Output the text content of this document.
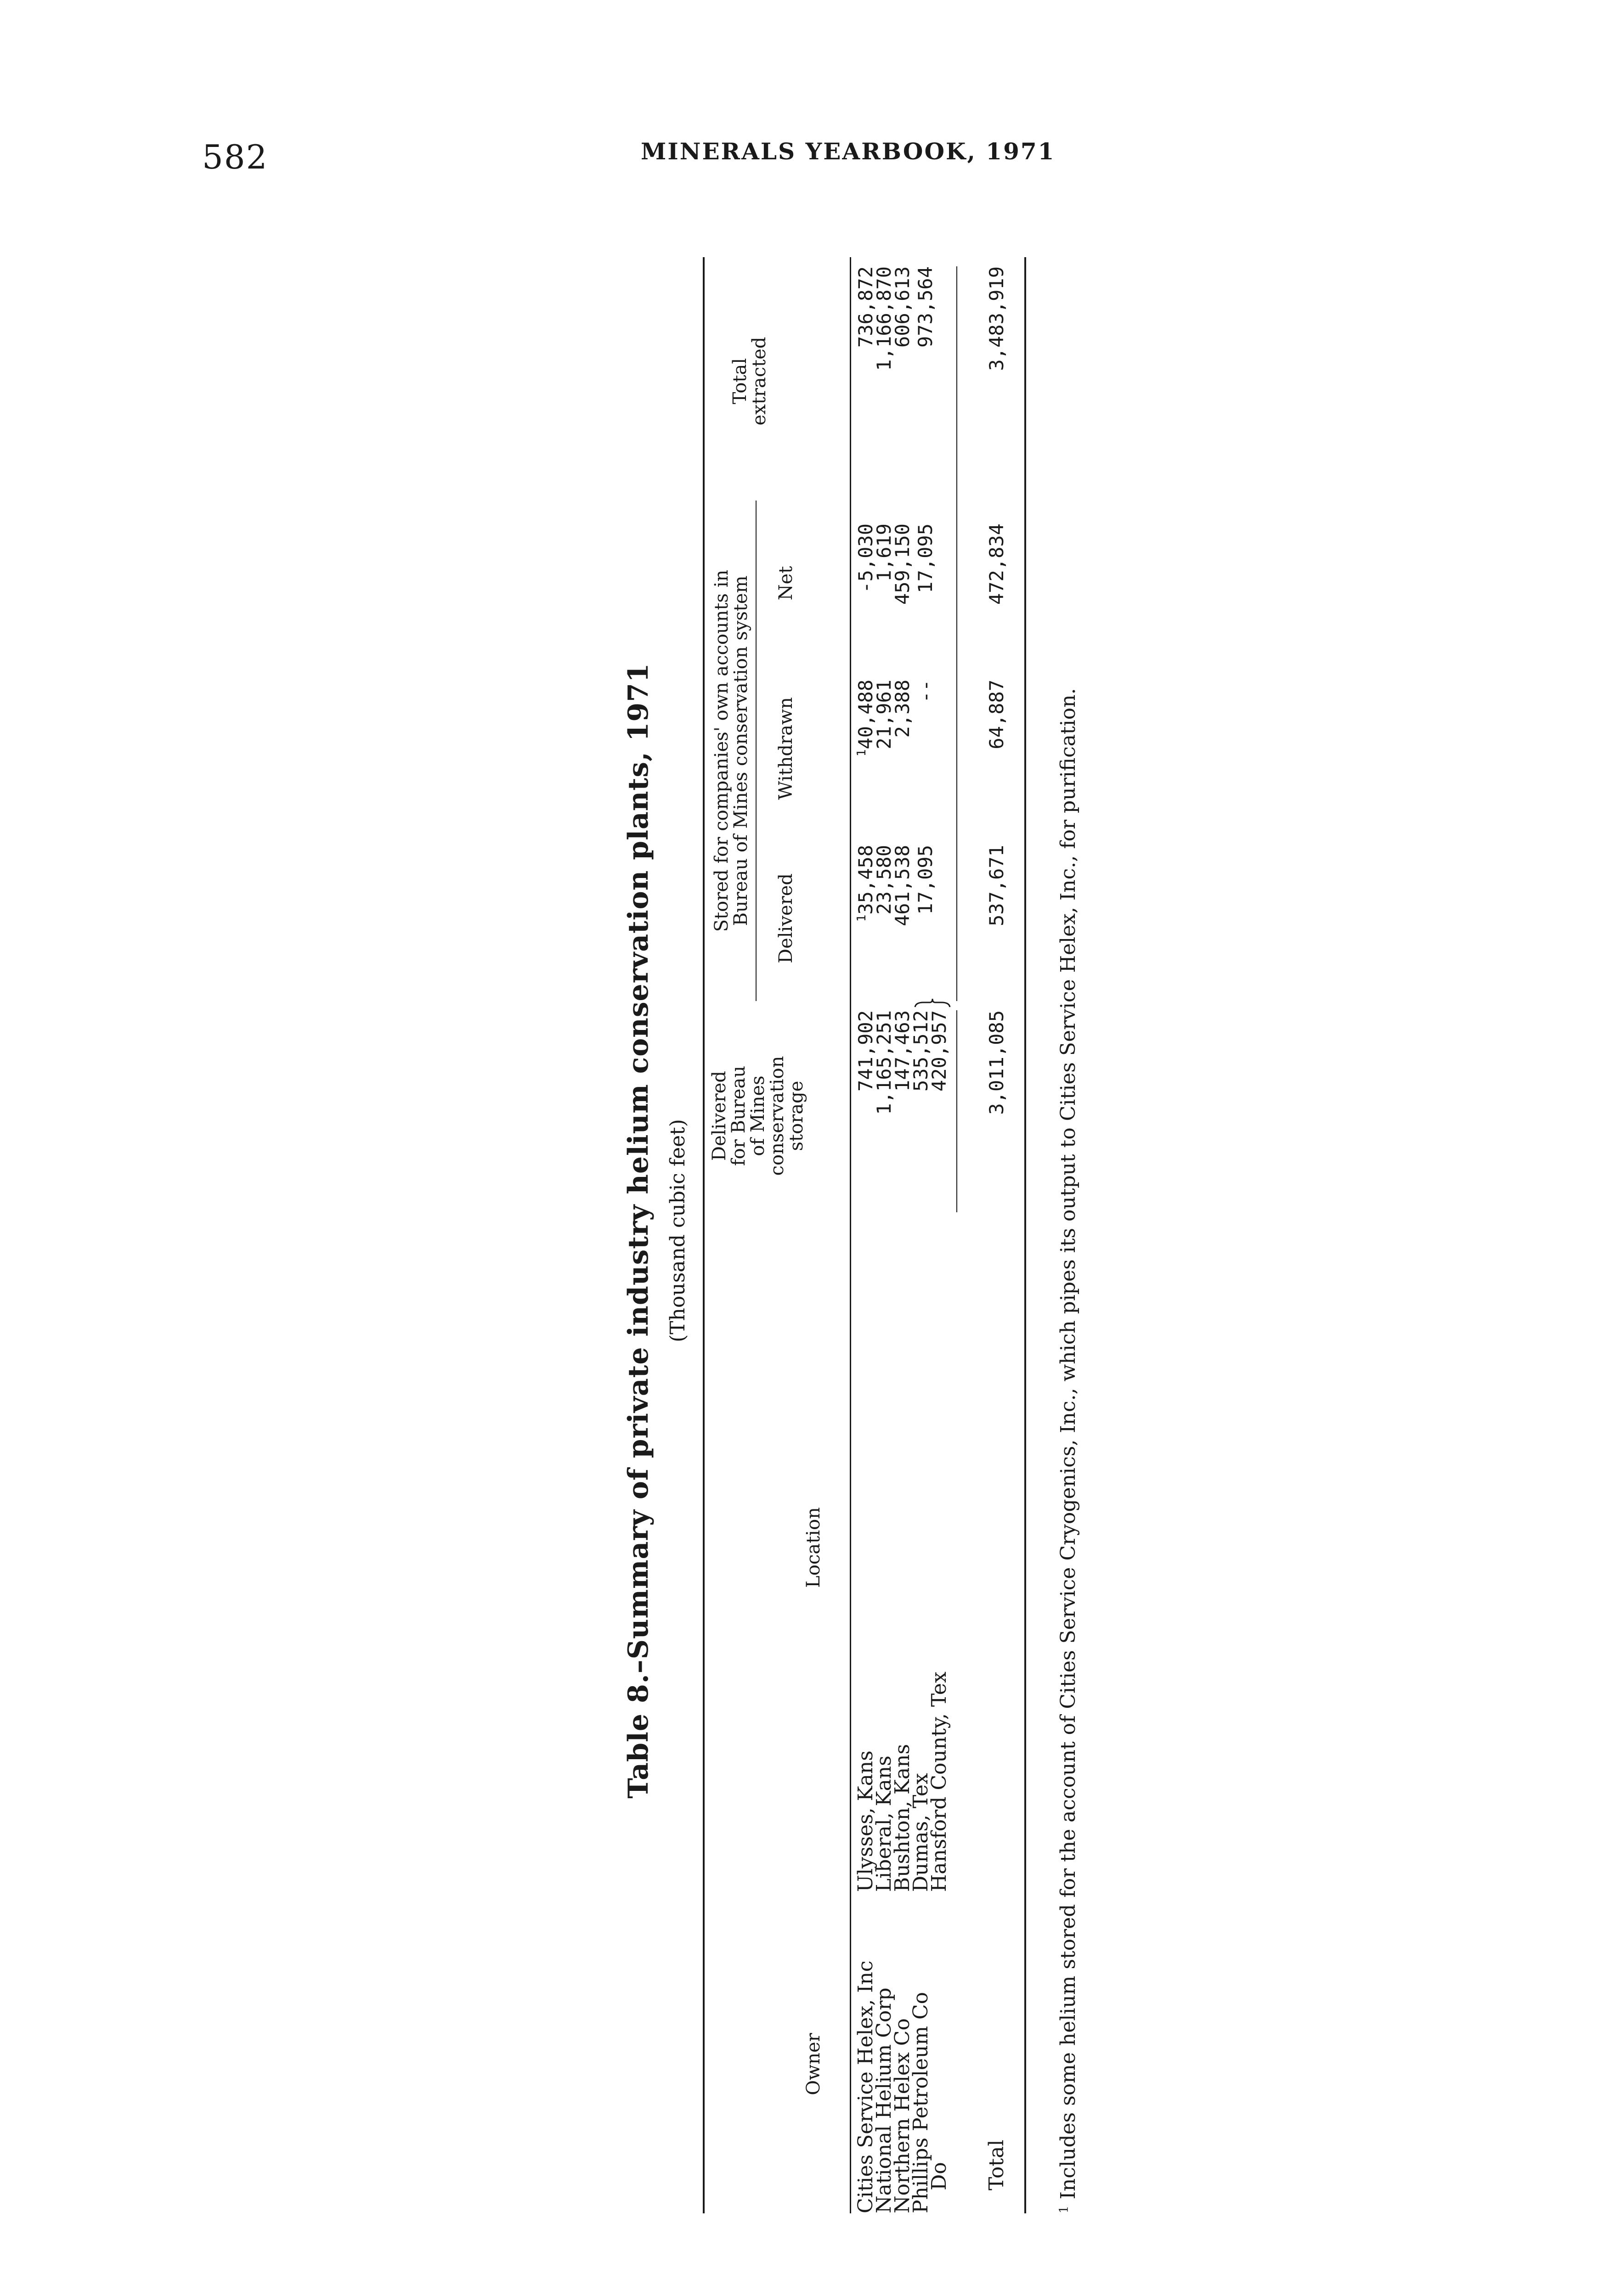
582	MINERALS YEARBOOK, 1971
Table 8.–Summary of private industry helium conservation plants, 1971 (Thousand cubic feet)
Owner
Location
Delivered
for Bureau
of Mines
conservation
storage
Stored for companies' own accounts in
Bureau of Mines conservation system Delivered
Withdrawn
Net
Total
extracted
Cities Service Helex, Inc
Ulysses, Kans
741,902
$^1$35,458
$^1$40,488
-5,030
736,872
National Helium Corp
Liberal, Kans
1,165,251
23,580
21,961
1,619
1,166,870
Northern Helex Co
Bushton, Kans
147,463
461,538
2,388
459,150
606,613
Phillips Petroleum Co
Dumas, Tex
535,512
17,095
--
17,095
973,564
Do
Hansford County, Tex
420,957
Total
3,011,085
537,671
64,887
472,834
3,483,919
$^1$ Includes some helium stored for the account of Cities Service Cryogenics, Inc., which pipes its output to Cities Service Helex, Inc., for purification.
